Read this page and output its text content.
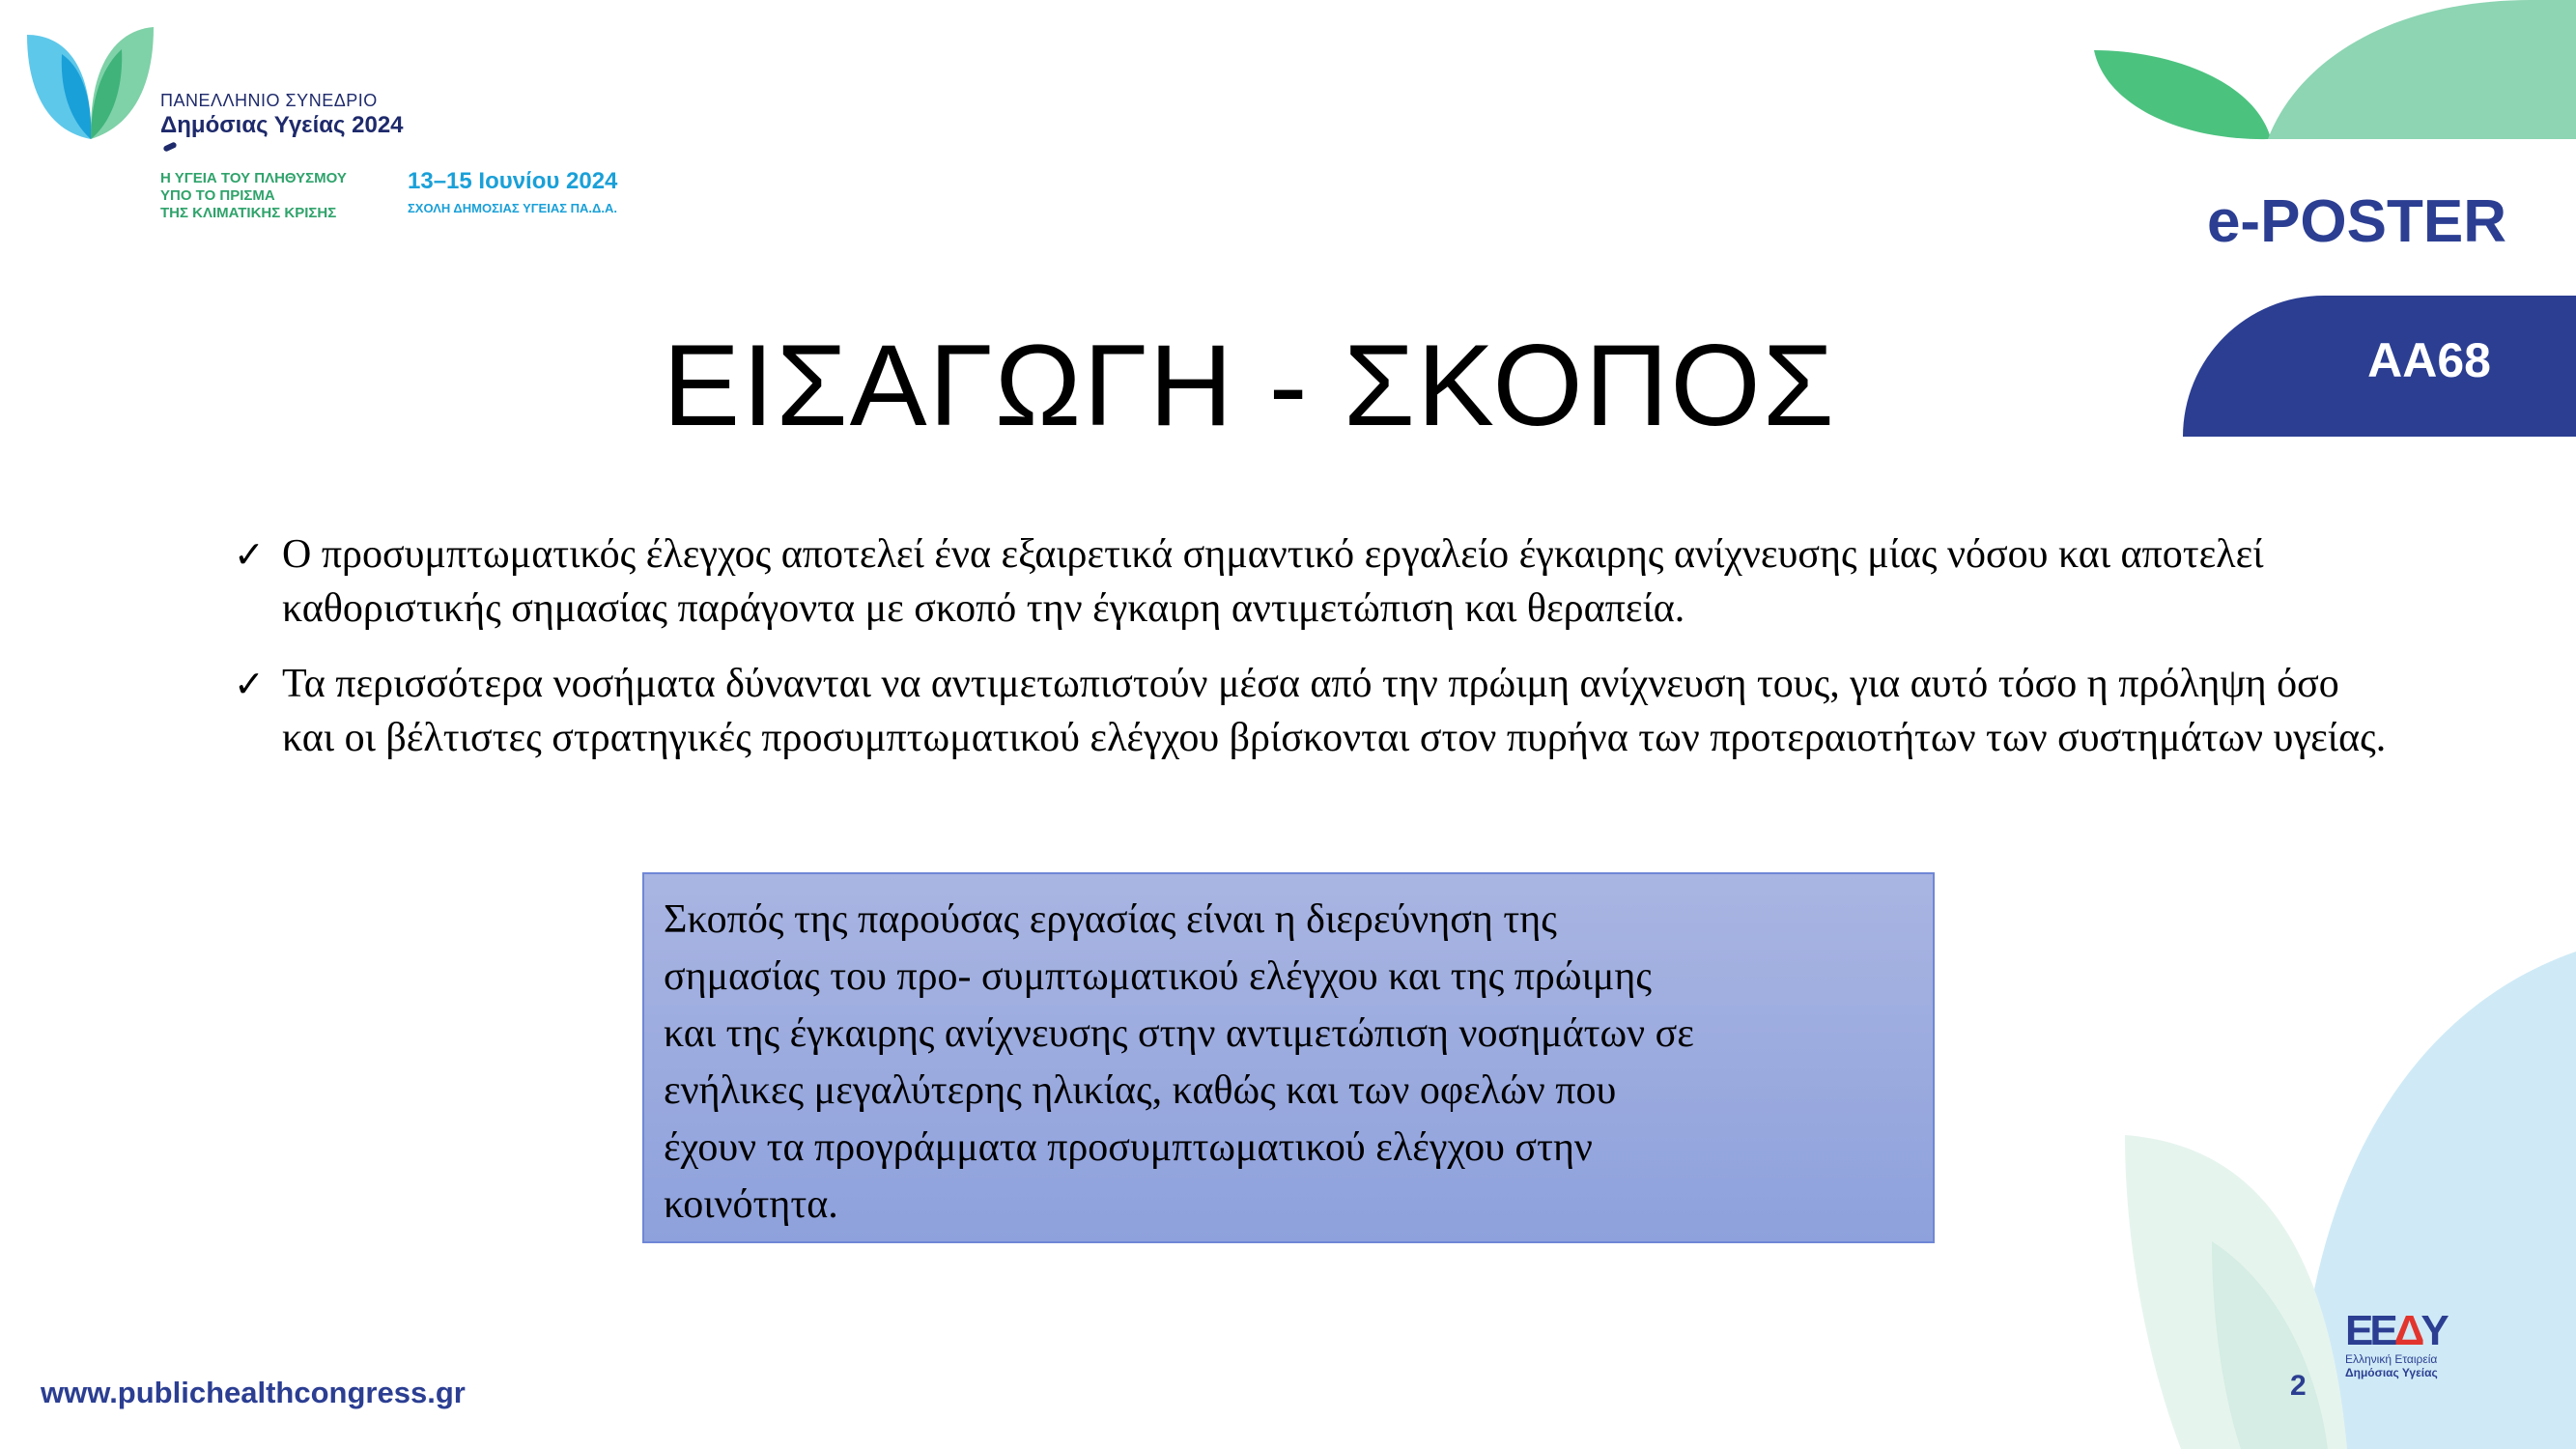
ΠΑΝΕΛΛΗΝΙΟ ΣΥΝΕΔΡΙΟ
Δημόσιας Υγείας 2024
Η ΥΓΕΙΑ ΤΟΥ ΠΛΗΘΥΣΜΟΥ
ΥΠΟ ΤΟ ΠΡΙΣΜΑ
ΤΗΣ ΚΛΙΜΑΤΙΚΗΣ ΚΡΙΣΗΣ
13–15 Ιουνίου 2024
ΣΧΟΛΗ ΔΗΜΟΣΙΑΣ ΥΓΕΙΑΣ ΠΑ.Δ.Α.	e-POSTER
AA68
ΕΙΣΑΓΩΓΗ - ΣΚΟΠΟΣ
✓ Ο προσυμπτωματικός έλεγχος αποτελεί ένα εξαιρετικά σημαντικό εργαλείο έγκαιρης ανίχνευσης μίας νόσου και αποτελεί καθοριστικής σημασίας παράγοντα με σκοπό την έγκαιρη αντιμετώπιση και θεραπεία.
✓ Τα περισσότερα νοσήματα δύνανται να αντιμετωπιστούν μέσα από την πρώιμη ανίχνευση τους, για αυτό τόσο η πρόληψη όσο και οι βέλτιστες στρατηγικές προσυμπτωματικού ελέγχου βρίσκονται στον πυρήνα των προτεραιοτήτων των συστημάτων υγείας.
Σκοπός της παρούσας εργασίας είναι η διερεύνηση της
σημασίας του προ- συμπτωματικού ελέγχου και της πρώιμης
και της έγκαιρης ανίχνευσης στην αντιμετώπιση νοσημάτων σε
ενήλικες μεγαλύτερης ηλικίας, καθώς και των οφελών που
έχουν τα προγράμματα προσυμπτωματικού ελέγχου στην
κοινότητα.
www.publichealthcongress.gr	2
ΕΕΔΥ
Ελληνική Εταιρεία
Δημόσιας Υγείας
